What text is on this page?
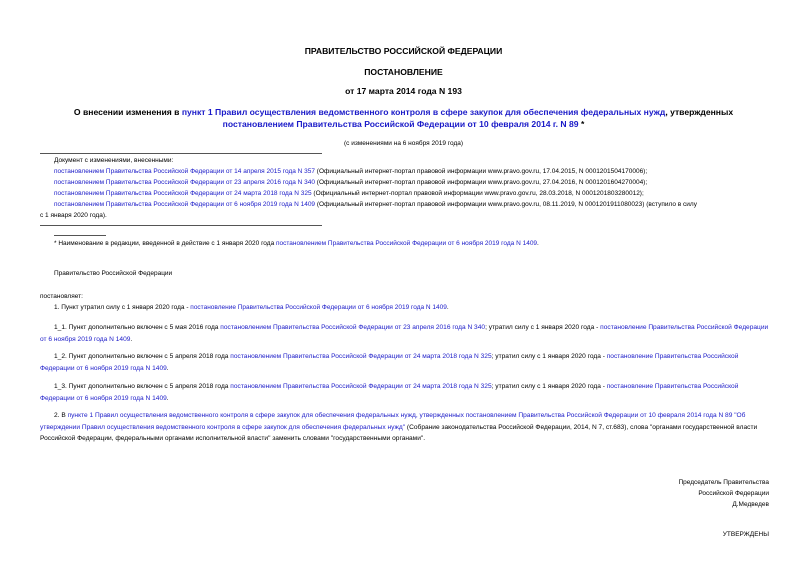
ПРАВИТЕЛЬСТВО РОССИЙСКОЙ ФЕДЕРАЦИИ
ПОСТАНОВЛЕНИЕ
от 17 марта 2014 года N 193
О внесении изменения в пункт 1 Правил осуществления ведомственного контроля в сфере закупок для обеспечения федеральных нужд, утвержденных
постановлением Правительства Российской Федерации от 10 февраля 2014 г. N 89 *
(с изменениями на 6 ноября 2019 года)
Документ с изменениями, внесенными:
постановлением Правительства Российской Федерации от 14 апреля 2015 года N 357 (Официальный интернет-портал правовой информации www.pravo.gov.ru, 17.04.2015, N 0001201504170006);
постановлением Правительства Российской Федерации от 23 апреля 2016 года N 340 (Официальный интернет-портал правовой информации www.pravo.gov.ru, 27.04.2016, N 0001201604270004);
постановлением Правительства Российской Федерации от 24 марта 2018 года N 325 (Официальный интернет-портал правовой информации www.pravo.gov.ru, 28.03.2018, N 0001201803280012);
постановлением Правительства Российской Федерации от 6 ноября 2019 года N 1409 (Официальный интернет-портал правовой информации www.pravo.gov.ru, 08.11.2019, N 0001201911080023) (вступило в силу
с 1 января 2020 года).
* Наименование в редакции, введенной в действие с 1 января 2020 года постановлением Правительства Российской Федерации от 6 ноября 2019 года N 1409.
Правительство Российской Федерации
постановляет:
1. Пункт утратил силу с 1 января 2020 года - постановление Правительства Российской Федерации от 6 ноября 2019 года N 1409.
1_1. Пункт дополнительно включен с 5 мая 2016 года постановлением Правительства Российской Федерации от 23 апреля 2016 года N 340; утратил силу с 1 января 2020 года - постановление Правительства Российской Федерации от 6 ноября 2019 года N 1409.
1_2. Пункт дополнительно включен с 5 апреля 2018 года постановлением Правительства Российской Федерации от 24 марта 2018 года N 325; утратил силу с 1 января 2020 года - постановление Правительства Российской Федерации от 6 ноября 2019 года N 1409.
1_3. Пункт дополнительно включен с 5 апреля 2018 года постановлением Правительства Российской Федерации от 24 марта 2018 года N 325; утратил силу с 1 января 2020 года - постановление Правительства Российской Федерации от 6 ноября 2019 года N 1409.
2. В пункте 1 Правил осуществления ведомственного контроля в сфере закупок для обеспечения федеральных нужд, утвержденных постановлением Правительства Российской Федерации от 10 февраля 2014 года N 89 "Об утверждении Правил осуществления ведомственного контроля в сфере закупок для обеспечения федеральных нужд" (Собрание законодательства Российской Федерации, 2014, N 7, ст.683), слова "органами государственной власти Российской Федерации, федеральными органами исполнительной власти" заменить словами "государственными органами".
Председатель Правительства
Российской Федерации
Д.Медведев
УТВЕРЖДЕНЫ
